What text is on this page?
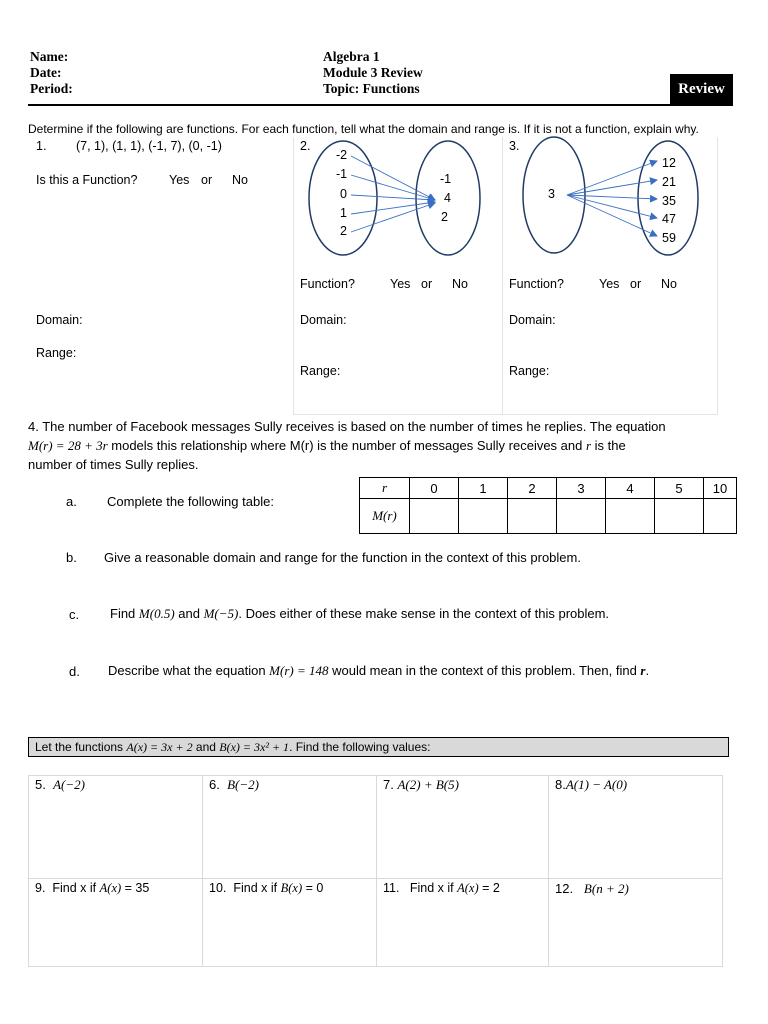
Name:
Date:
Period:
Algebra 1
Module 3 Review
Topic: Functions	Review
Determine if the following are functions. For each function, tell what the domain and range is. If it is not a function, explain why.
1. (7, 1), (1, 1), (-1, 7), (0, -1)
Is this a Function?	Yes or No
Domain:
Range:
2.
-2
-1
0
1
2
-1
4
2
Function?	Yes or No
Domain:
Range:
3.
3
12
21
35
47
59
Function?	Yes or No
Domain:
Range:
4. The number of Facebook messages Sully receives is based on the number of times he replies. The equation
M(r) = 28 + 3r models this relationship where M(r) is the number of messages Sully receives and r is the
number of times Sully replies.
a. Complete the following table:
r	0	1	2	3	4	5	10
M(r)							
b. Give a reasonable domain and range for the function in the context of this problem.
c. Find M(0.5) and M(−5). Does either of these make sense in the context of this problem.
d. Describe what the equation M(r) = 148 would mean in the context of this problem. Then, find r.
Let the functions A(x) = 3x + 2 and B(x) = 3x² + 1. Find the following values:
5. A(−2)	6. B(−2)	7. A(2) + B(5)	8.A(1) − A(0)
9. Find x if A(x) = 35	10. Find x if B(x) = 0	11. Find x if A(x) = 2	12. B(n + 2)
